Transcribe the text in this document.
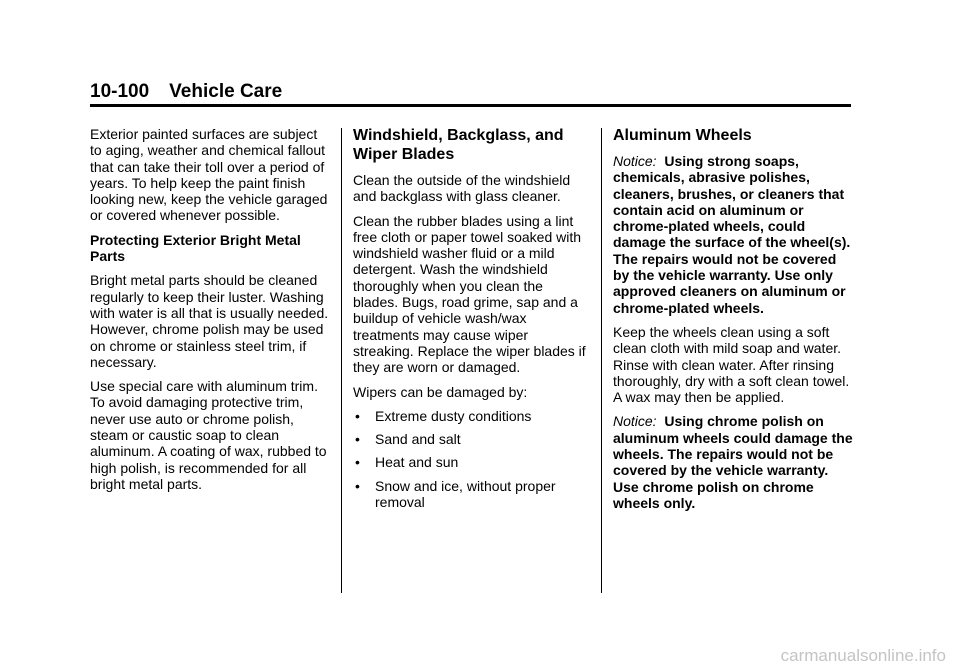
10-100 Vehicle Care

Exterior painted surfaces are subject to aging, weather and chemical fallout that can take their toll over a period of years. To help keep the paint finish looking new, keep the vehicle garaged or covered whenever possible.

Protecting Exterior Bright Metal Parts

Bright metal parts should be cleaned regularly to keep their luster. Washing with water is all that is usually needed. However, chrome polish may be used on chrome or stainless steel trim, if necessary.

Use special care with aluminum trim. To avoid damaging protective trim, never use auto or chrome polish, steam or caustic soap to clean aluminum. A coating of wax, rubbed to high polish, is recommended for all bright metal parts.

Windshield, Backglass, and Wiper Blades

Clean the outside of the windshield and backglass with glass cleaner.

Clean the rubber blades using a lint free cloth or paper towel soaked with windshield washer fluid or a mild detergent. Wash the windshield thoroughly when you clean the blades. Bugs, road grime, sap and a buildup of vehicle wash/wax treatments may cause wiper streaking. Replace the wiper blades if they are worn or damaged.

Wipers can be damaged by:

• Extreme dusty conditions
• Sand and salt
• Heat and sun
• Snow and ice, without proper removal
Aluminum Wheels

Notice: Using strong soaps, chemicals, abrasive polishes, cleaners, brushes, or cleaners that contain acid on aluminum or chrome-plated wheels, could damage the surface of the wheel(s). The repairs would not be covered by the vehicle warranty. Use only approved cleaners on aluminum or chrome-plated wheels.

Keep the wheels clean using a soft clean cloth with mild soap and water. Rinse with clean water. After rinsing thoroughly, dry with a soft clean towel. A wax may then be applied.

Notice: Using chrome polish on aluminum wheels could damage the wheels. The repairs would not be covered by the vehicle warranty. Use chrome polish on chrome wheels only.

carmanualsonline.info
